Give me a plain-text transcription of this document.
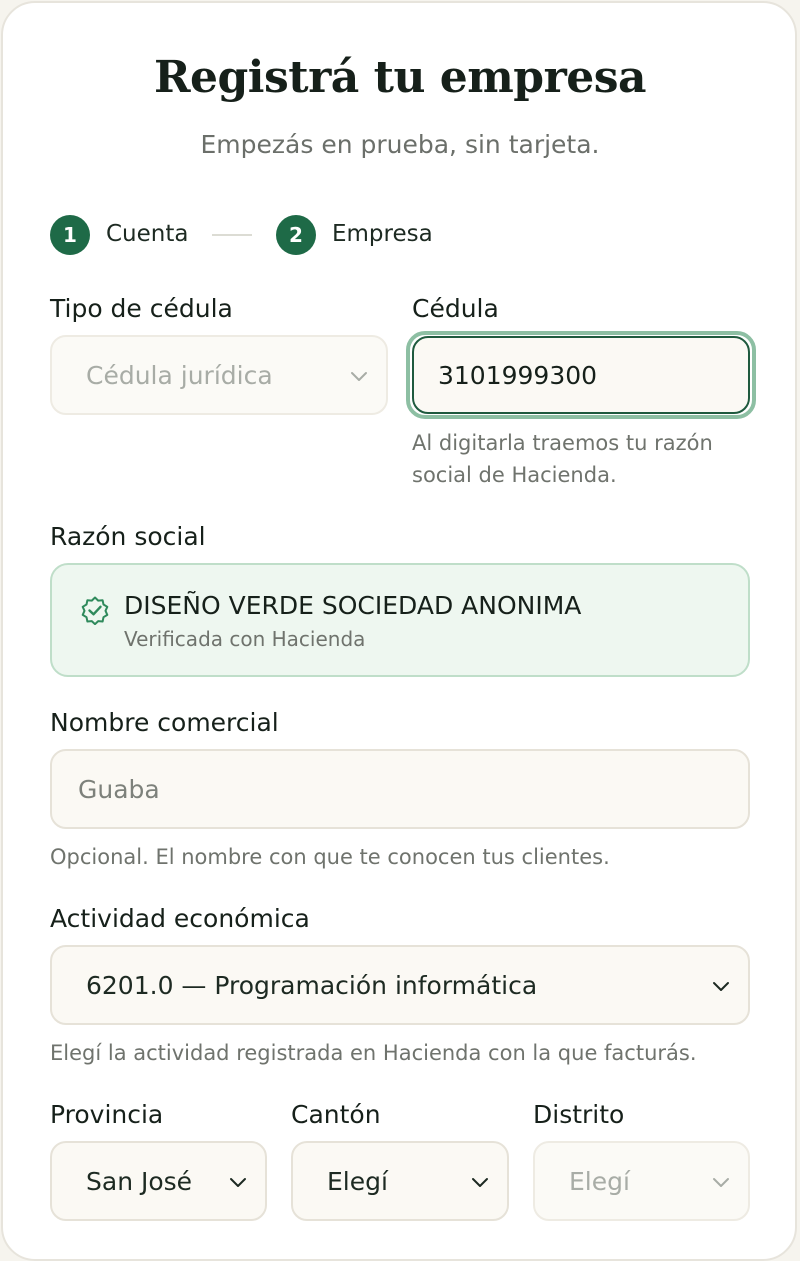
Registrá tu empresa

Empezás en prueba, sin tarjeta.

1	Cuenta	2	Empresa
Tipo de cédula
Cédula jurídica
Cédula
3101999300
Al digitarla traemos tu razón social de Hacienda.
Razón social
DISEÑO VERDE SOCIEDAD ANONIMA
Verificada con Hacienda
Nombre comercial
Guaba
Opcional. El nombre con que te conocen tus clientes.
Actividad económica
6201.0 — Programación informática
Elegí la actividad registrada en Hacienda con la que facturás.
Provincia
San José
Cantón
Elegí
Distrito
Elegí
